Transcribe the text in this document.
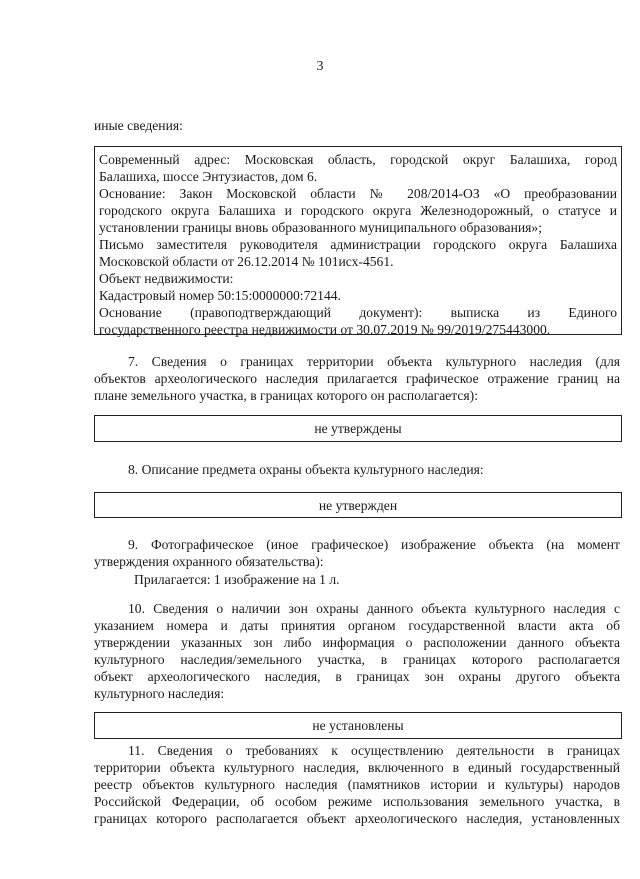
3
иные сведения:
Современный адрес: Московская область, городской округ Балашиха, город
Балашиха, шоссе Энтузиастов, дом 6.
Основание: Закон Московской области № 208/2014-ОЗ «О преобразовании
городского округа Балашиха и городского округа Железнодорожный, о статусе и
установлении границы вновь образованного муниципального образования»;
Письмо заместителя руководителя администрации городского округа Балашиха
Московской области от 26.12.2014 № 101исх-4561.
Объект недвижимости:
Кадастровый номер 50:15:0000000:72144.
Основание (правоподтверждающий документ): выписка из Единого
государственного реестра недвижимости от 30.07.2019 № 99/2019/275443000.
7. Сведения о границах территории объекта культурного наследия (для
объектов археологического наследия прилагается графическое отражение границ на
плане земельного участка, в границах которого он располагается):
не утверждены
8. Описание предмета охраны объекта культурного наследия:
не утвержден
9. Фотографическое (иное графическое) изображение объекта (на момент
утверждения охранного обязательства):
Прилагается: 1 изображение на 1 л.
10. Сведения о наличии зон охраны данного объекта культурного наследия с
указанием номера и даты принятия органом государственной власти акта об
утверждении указанных зон либо информация о расположении данного объекта
культурного наследия/земельного участка, в границах которого располагается
объект археологического наследия, в границах зон охраны другого объекта
культурного наследия:
не установлены
11. Сведения о требованиях к осуществлению деятельности в границах
территории объекта культурного наследия, включенного в единый государственный
реестр объектов культурного наследия (памятников истории и культуры) народов
Российской Федерации, об особом режиме использования земельного участка, в
границах которого располагается объект археологического наследия, установленных
